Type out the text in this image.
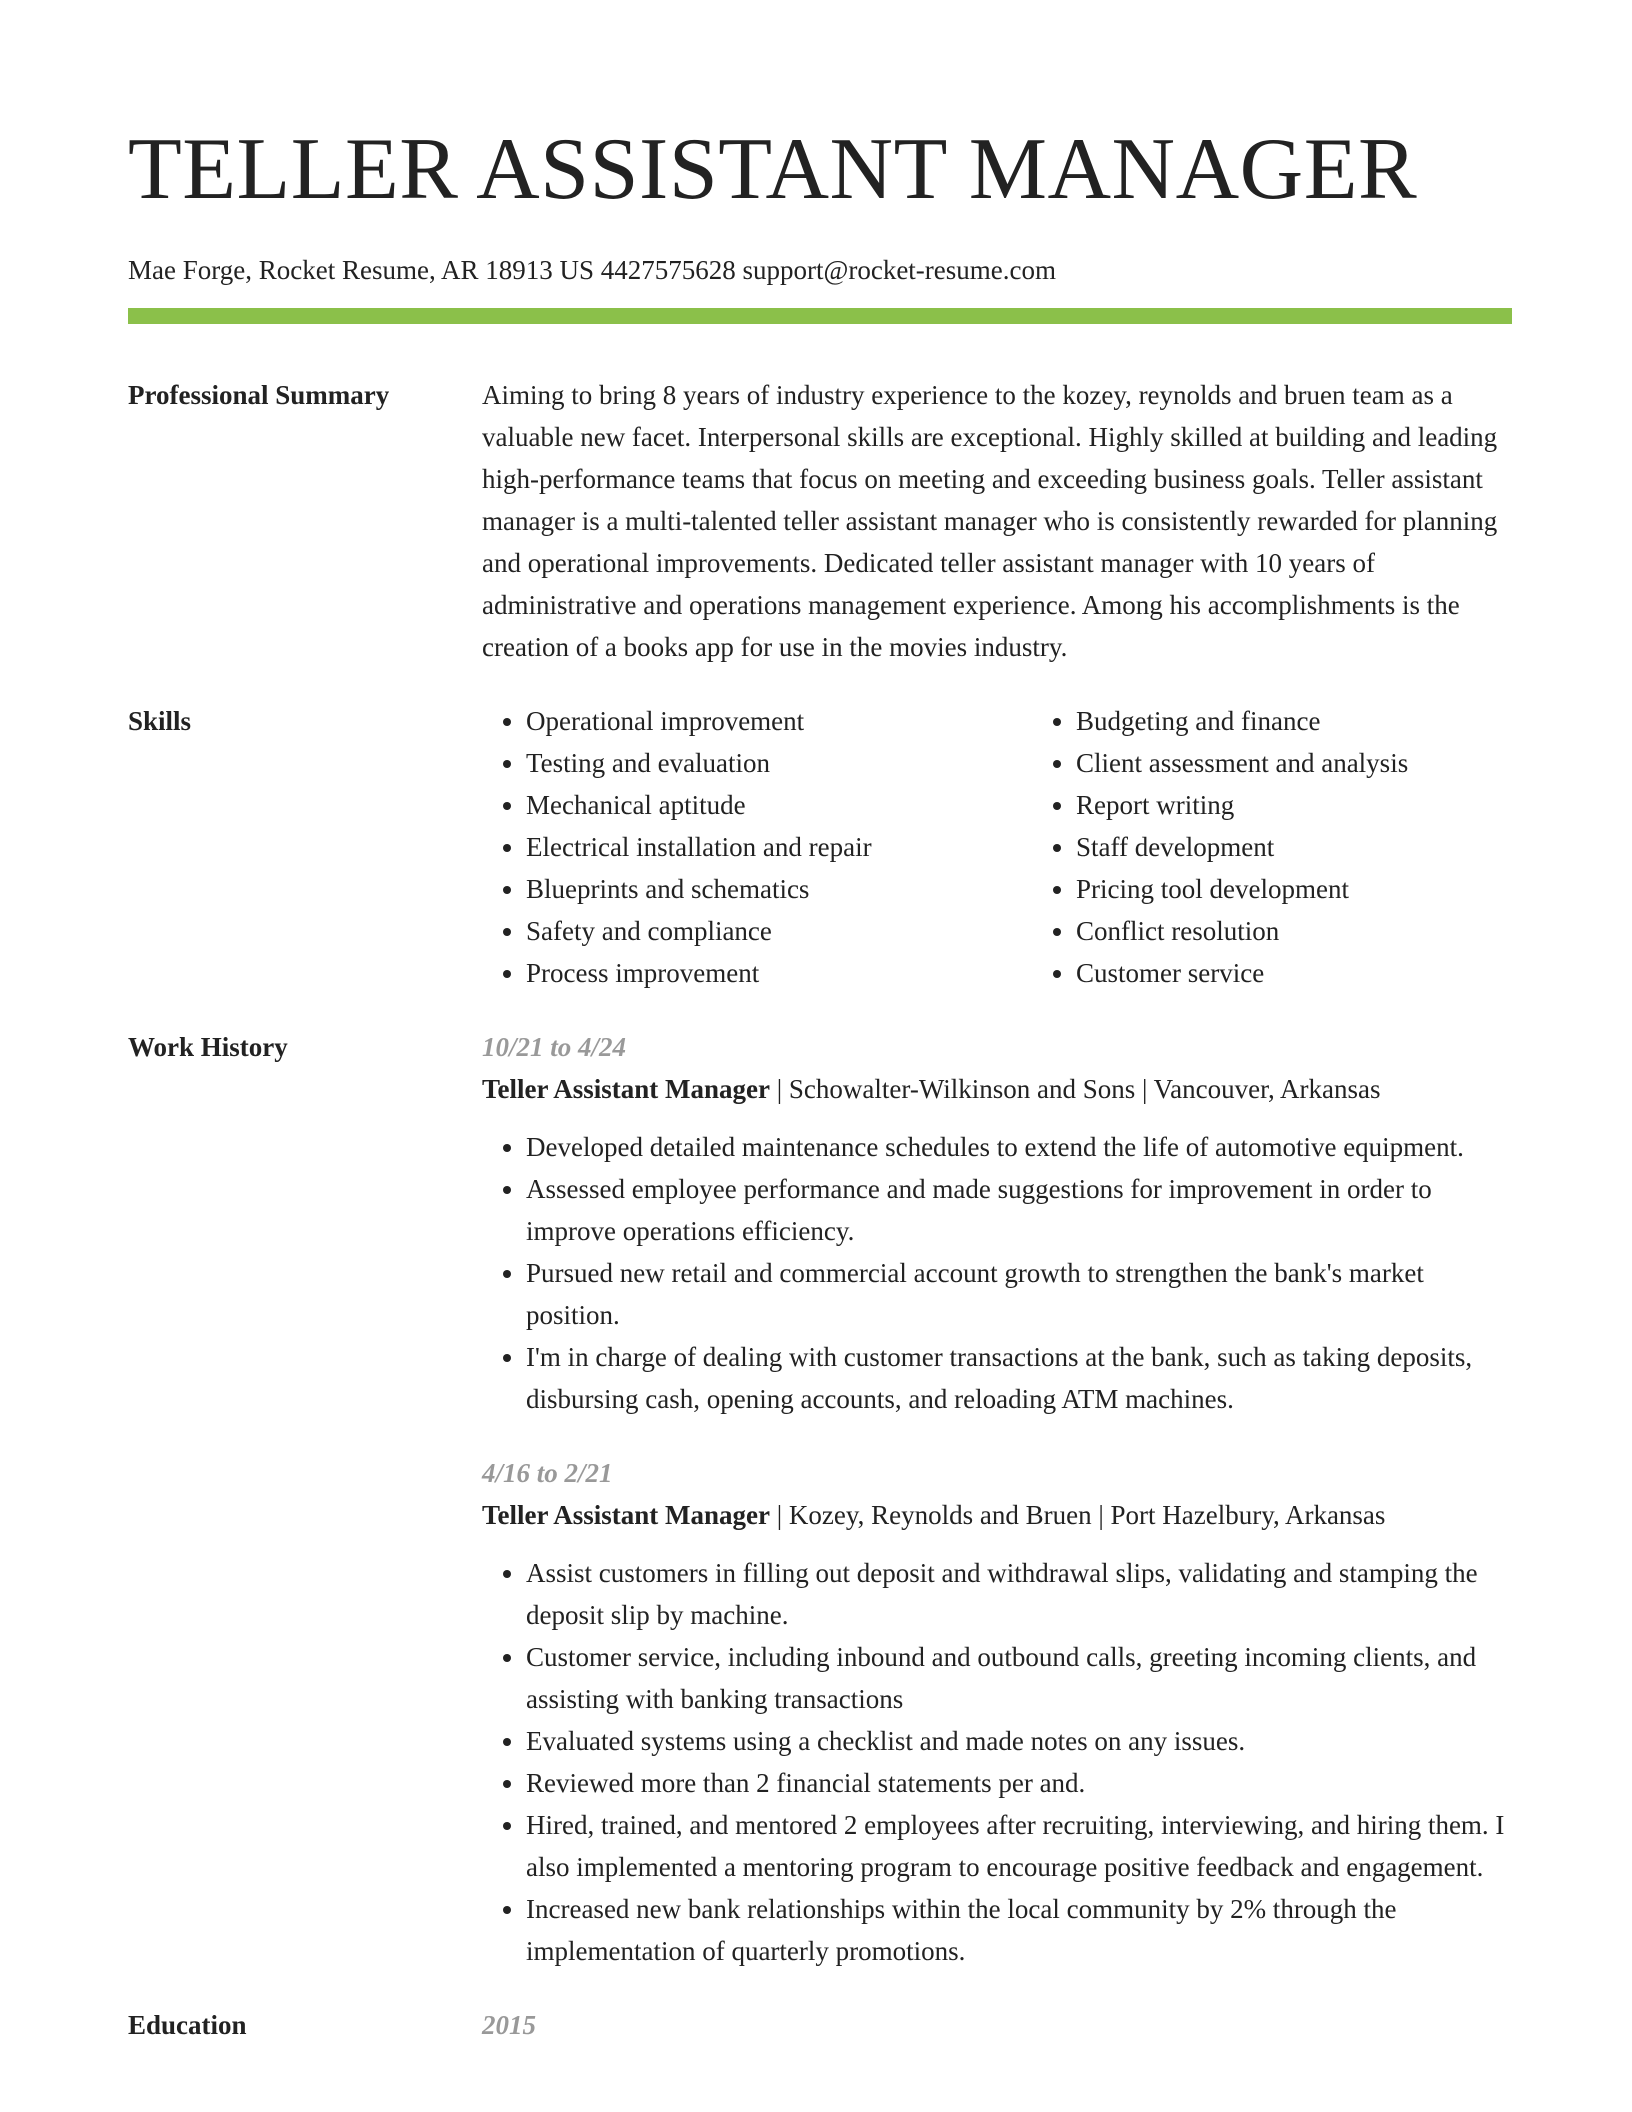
TELLER ASSISTANT MANAGER
Mae Forge, Rocket Resume, AR 18913 US 4427575628 support@rocket-resume.com
Professional Summary	Aiming to bring 8 years of industry experience to the kozey, reynolds and bruen team as a valuable new facet. Interpersonal skills are exceptional. Highly skilled at building and leading high-performance teams that focus on meeting and exceeding business goals. Teller assistant manager is a multi-talented teller assistant manager who is consistently rewarded for planning and operational improvements. Dedicated teller assistant manager with 10 years of administrative and operations management experience. Among his accomplishments is the creation of a books app for use in the movies industry.
Skills
•	Operational improvement
• Testing and evaluation
• Mechanical aptitude
• Electrical installation and repair
• Blueprints and schematics
• Safety and compliance
• Process improvement
• Budgeting and finance
• Client assessment and analysis
• Report writing
• Staff development
• Pricing tool development
• Conflict resolution
• Customer service
Work History	10/21 to 4/24
Teller Assistant Manager | Schowalter-Wilkinson and Sons | Vancouver, Arkansas
• Developed detailed maintenance schedules to extend the life of automotive equipment.
• Assessed employee performance and made suggestions for improvement in order to improve operations efficiency.
• Pursued new retail and commercial account growth to strengthen the bank's market position.
• I'm in charge of dealing with customer transactions at the bank, such as taking deposits, disbursing cash, opening accounts, and reloading ATM machines.
4/16 to 2/21
Teller Assistant Manager | Kozey, Reynolds and Bruen | Port Hazelbury, Arkansas
• Assist customers in filling out deposit and withdrawal slips, validating and stamping the deposit slip by machine.
• Customer service, including inbound and outbound calls, greeting incoming clients, and assisting with banking transactions
• Evaluated systems using a checklist and made notes on any issues.
• Reviewed more than 2 financial statements per and.
• Hired, trained, and mentored 2 employees after recruiting, interviewing, and hiring them. I also implemented a mentoring program to encourage positive feedback and engagement.
• Increased new bank relationships within the local community by 2% through the implementation of quarterly promotions.
Education	2015
